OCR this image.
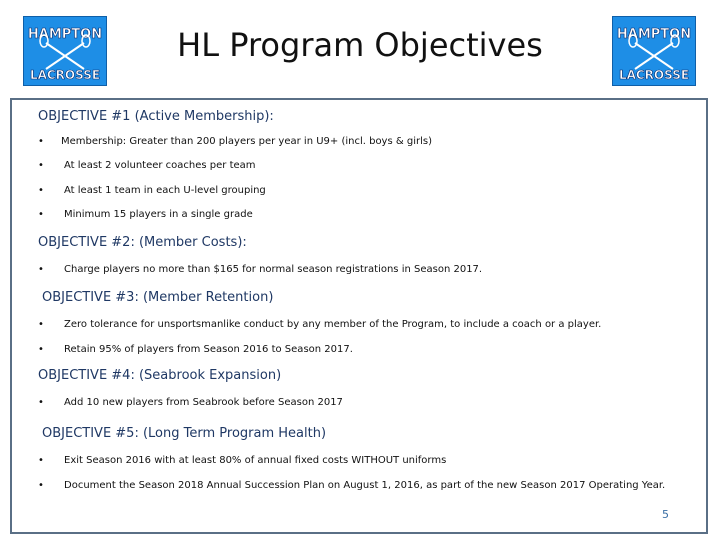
HAMPTON
LACROSSE
HL Program Objectives	HAMPTON
LACROSSE
OBJECTIVE #1 (Active Membership):
• Membership: Greater than 200 players per year in U9+ (incl. boys & girls)
• At least 2 volunteer coaches per team
• At least 1 team in each U-level grouping
• Minimum 15 players in a single grade
OBJECTIVE #2: (Member Costs):
• Charge players no more than $165 for normal season registrations in Season 2017.
OBJECTIVE #3: (Member Retention)
• Zero tolerance for unsportsmanlike conduct by any member of the Program, to include a coach or a player.
• Retain 95% of players from Season 2016 to Season 2017.
OBJECTIVE #4: (Seabrook Expansion)
• Add 10 new players from Seabrook before Season 2017
OBJECTIVE #5: (Long Term Program Health)
• Exit Season 2016 with at least 80% of annual fixed costs WITHOUT uniforms
• Document the Season 2018 Annual Succession Plan on August 1, 2016, as part of the new Season 2017 Operating Year.
5
